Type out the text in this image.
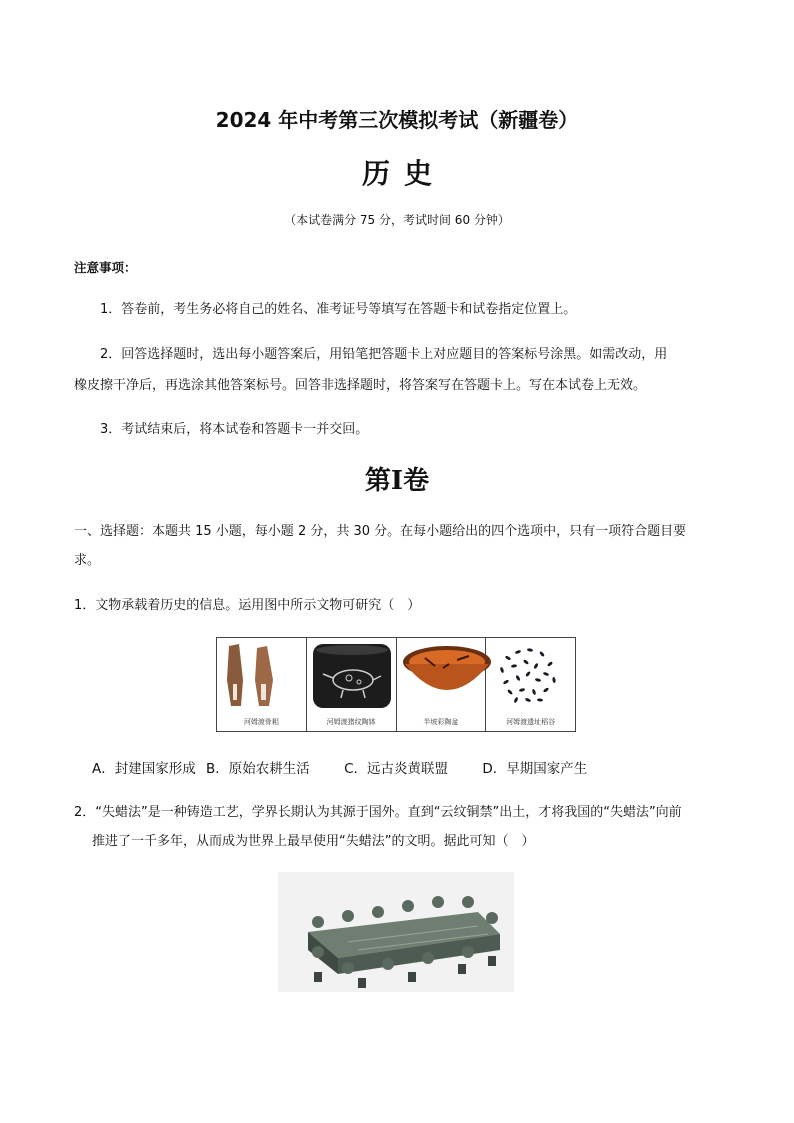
2024 年中考第三次模拟考试（新疆卷）
历史
（本试卷满分 75 分，考试时间 60 分钟）
注意事项：
1．答卷前，考生务必将自己的姓名、准考证号等填写在答题卡和试卷指定位置上。
2．回答选择题时，选出每小题答案后，用铅笔把答题卡上对应题目的答案标号涂黑。如需改动，用
橡皮擦干净后，再选涂其他答案标号。回答非选择题时，将答案写在答题卡上。写在本试卷上无效。
3．考试结束后，将本试卷和答题卡一并交回。
第Ⅰ卷
一、选择题：本题共 15 小题，每小题 2 分，共 30 分。在每小题给出的四个选项中，只有一项符合题目要
求。
1．文物承载着历史的信息。运用图中所示文物可研究（　）
河姆渡骨耜	河姆渡猪纹陶钵	半坡彩陶盆	河姆渡遗址稻谷
A．封建国家形成 B．原始农耕生活	C．远古炎黄联盟	D．早期国家产生
2．“失蜡法”是一种铸造工艺，学界长期认为其源于国外。直到“云纹铜禁”出土，才将我国的“失蜡法”向前
推进了一千多年，从而成为世界上最早使用“失蜡法”的文明。据此可知（　）
